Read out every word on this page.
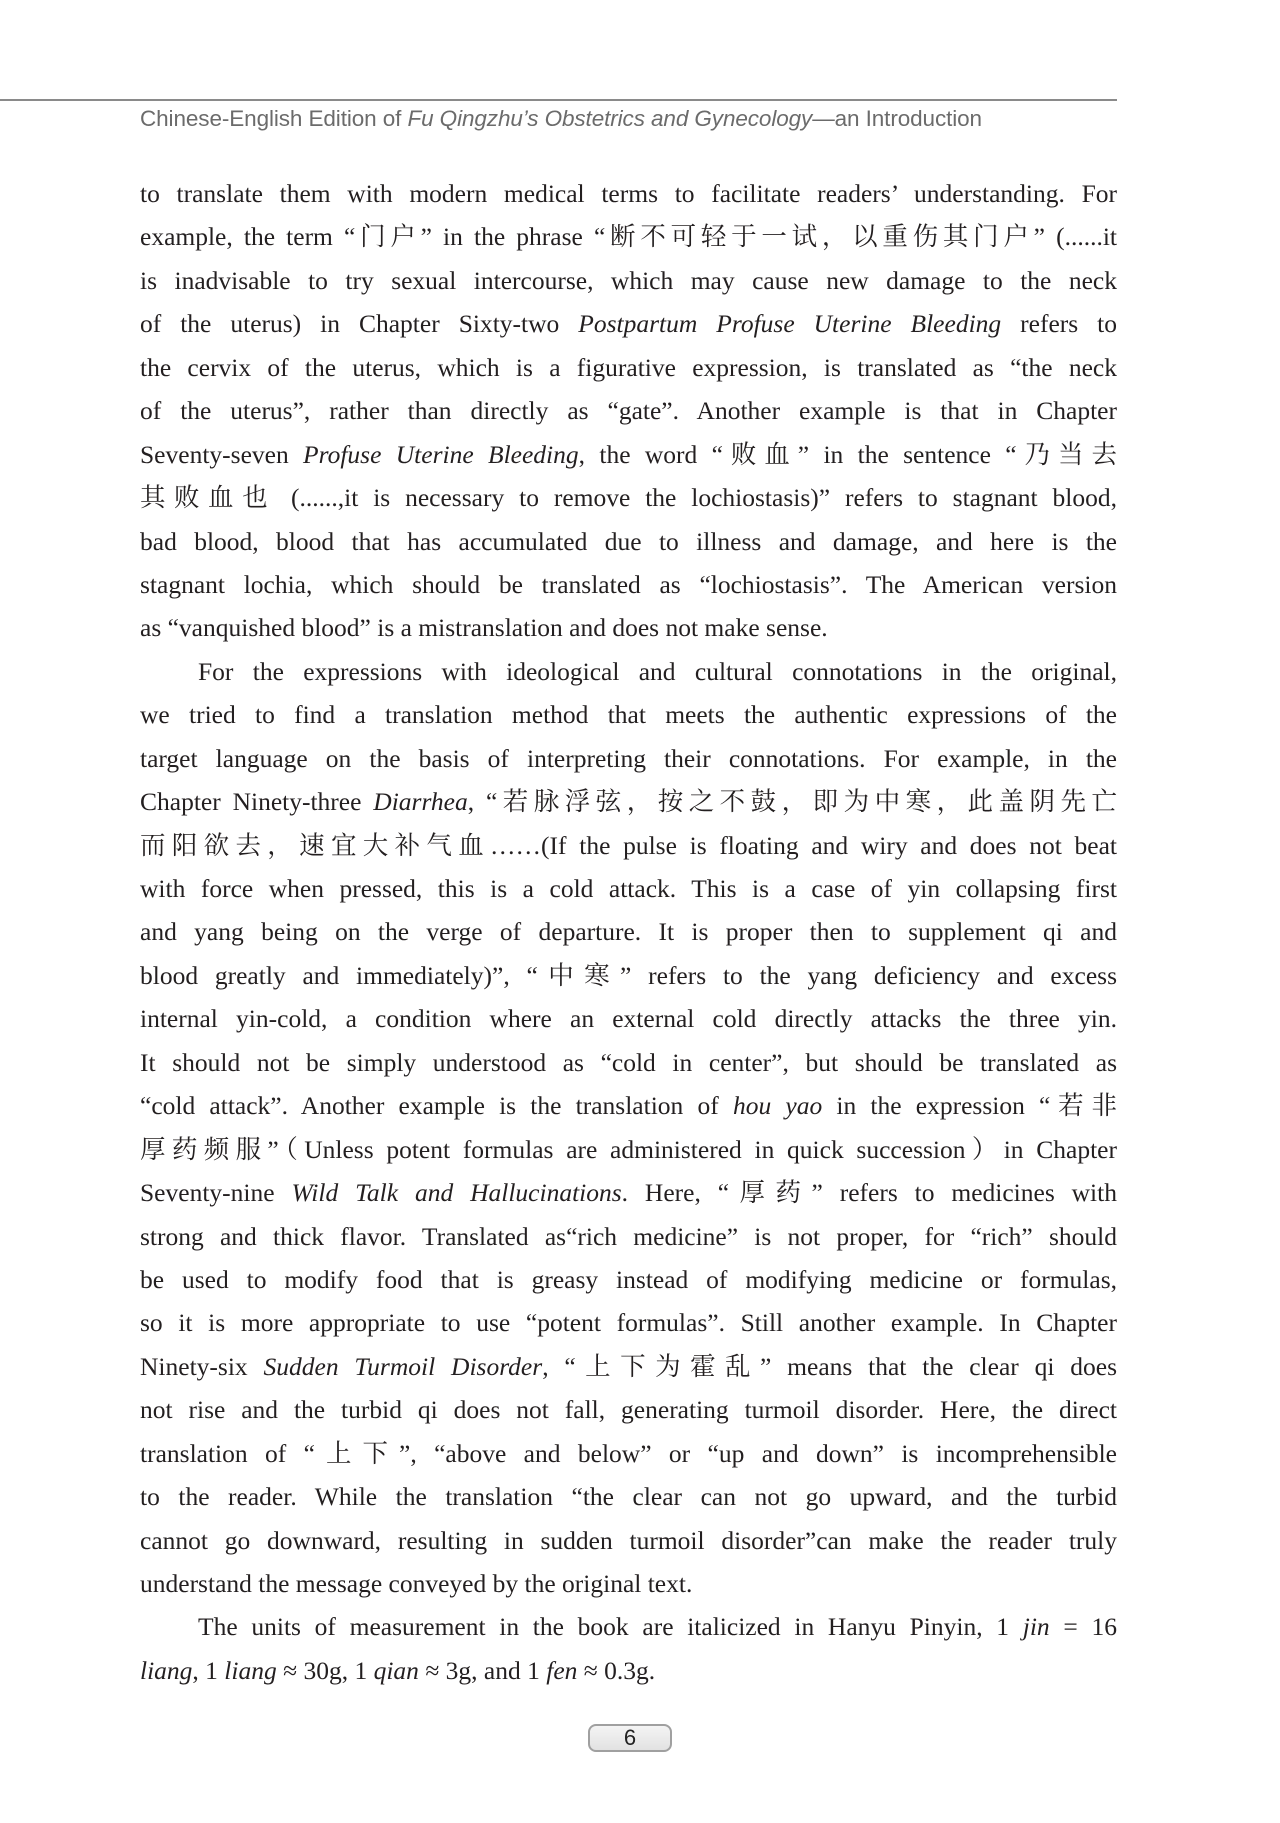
Chinese-English Edition of Fu Qingzhu’s Obstetrics and Gynecology—an Introduction
to translate them with modern medical terms to facilitate readers’ understanding. For
example, the term “门户” in the phrase “断不可轻于一试，以重伤其门户” (......it
is inadvisable to try sexual intercourse, which may cause new damage to the neck
of the uterus) in Chapter Sixty-two Postpartum Profuse Uterine Bleeding refers to
the cervix of the uterus, which is a figurative expression, is translated as “the neck
of the uterus”, rather than directly as “gate”. Another example is that in Chapter
Seventy-seven Profuse Uterine Bleeding, the word “败血” in the sentence “乃当去
其败血也 (......,it is necessary to remove the lochiostasis)” refers to stagnant blood,
bad blood, blood that has accumulated due to illness and damage, and here is the
stagnant lochia, which should be translated as “lochiostasis”. The American version
as “vanquished blood” is a mistranslation and does not make sense.
For the expressions with ideological and cultural connotations in the original,
we tried to find a translation method that meets the authentic expressions of the
target language on the basis of interpreting their connotations. For example, in the
Chapter Ninety-three Diarrhea, “若脉浮弦，按之不鼓，即为中寒，此盖阴先亡
而阳欲去，速宜大补气血……(If the pulse is floating and wiry and does not beat
with force when pressed, this is a cold attack. This is a case of yin collapsing first
and yang being on the verge of departure. It is proper then to supplement qi and
blood greatly and immediately)”, “中寒” refers to the yang deficiency and excess
internal yin-cold, a condition where an external cold directly attacks the three yin.
It should not be simply understood as “cold in center”, but should be translated as
“cold attack”. Another example is the translation of hou yao in the expression “若非
厚药频服”（Unless potent formulas are administered in quick succession）in Chapter
Seventy-nine Wild Talk and Hallucinations. Here, “厚药” refers to medicines with
strong and thick flavor. Translated as“rich medicine” is not proper, for “rich” should
be used to modify food that is greasy instead of modifying medicine or formulas,
so it is more appropriate to use “potent formulas”. Still another example. In Chapter
Ninety-six Sudden Turmoil Disorder, “上下为霍乱” means that the clear qi does
not rise and the turbid qi does not fall, generating turmoil disorder. Here, the direct
translation of “上下”, “above and below” or “up and down” is incomprehensible
to the reader. While the translation “the clear can not go upward, and the turbid
cannot go downward, resulting in sudden turmoil disorder”can make the reader truly
understand the message conveyed by the original text.
The units of measurement in the book are italicized in Hanyu Pinyin, 1 jin = 16
liang, 1 liang ≈ 30g, 1 qian ≈ 3g, and 1 fen ≈ 0.3g.
6
